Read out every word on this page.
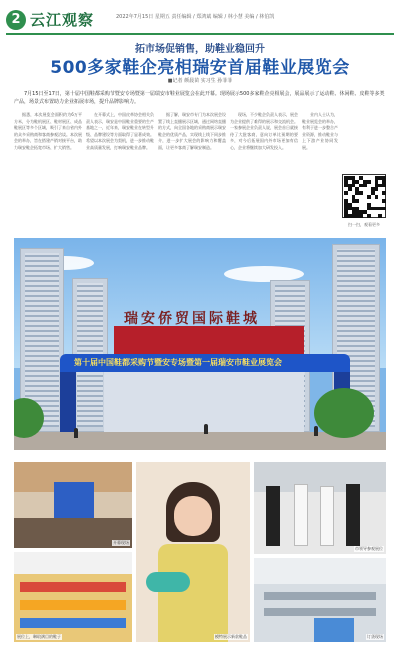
2 云江观察	2022年7月15日 星期五 责任编辑 / 郑鸿斌 编辑 / 林小慧 美编 / 林伯凯
拓市场促销售，助鞋业稳回升
500多家鞋企亮相瑞安首届鞋业展览会
■记者 颜晨苗 实习生 孙菲菲
7月15日至17日，第十届中国鞋都采购节暨安专场暨第一届瑞安市鞋业展览会在此开幕。现场展示500多家鞋企亮相展会，展品展示了运动鞋、休闲鞋、皮鞋等多类产品，场景式布置助力企业拓展市场，提升品牌影响力。

据悉，本次展览会面积约为6万平方米，分为鞋机展区、鞋材展区、成品鞋展区等多个区域，吸引了来自省内外的众多采购商和客商参观洽谈。本次展会的举办，旨在搭建产销对接平台，助力瑞安鞋企拓宽市场、扩大销售。

在开幕式上，中国皮革协会相关负责人表示，瑞安是中国鞋业重要的生产基地之一，近年来，瑞安鞋业在转型升级、品牌建设等方面取得了显著成效。希望以本次展会为契机，进一步推动鞋业高质量发展，打响瑞安鞋业品牌。

据了解，瑞安市专门为本次展会设置了线上直播展示区域，通过网络直播的方式，向全国各地的采购商展示瑞安鞋企的优质产品，实现线上线下同步推介，进一步扩大展会的影响力和覆盖面，让更多客商了解瑞安制造。

现场，不少鞋企负责人表示，展会为企业提供了难得的展示和交流机会。一家参展企业负责人说，展会首日就接待了大批客商，意向订单比预期的要多，对今后拓展国内外市场更加有信心，企业将继续加大研发投入。

业内人士认为，鞋业展览会的举办，有利于进一步整合产业资源，推动鞋业与上下游产业协同发展。

扫一扫，观看更多
瑞安侨贸国际鞋城
第十届中国鞋都采购节暨安专场暨第一届瑞安市鞋业展览会
开幕现场
展位上，琳琅满目的鞋子	模特展示新款鞋品
市领导参观展位
订货现场
